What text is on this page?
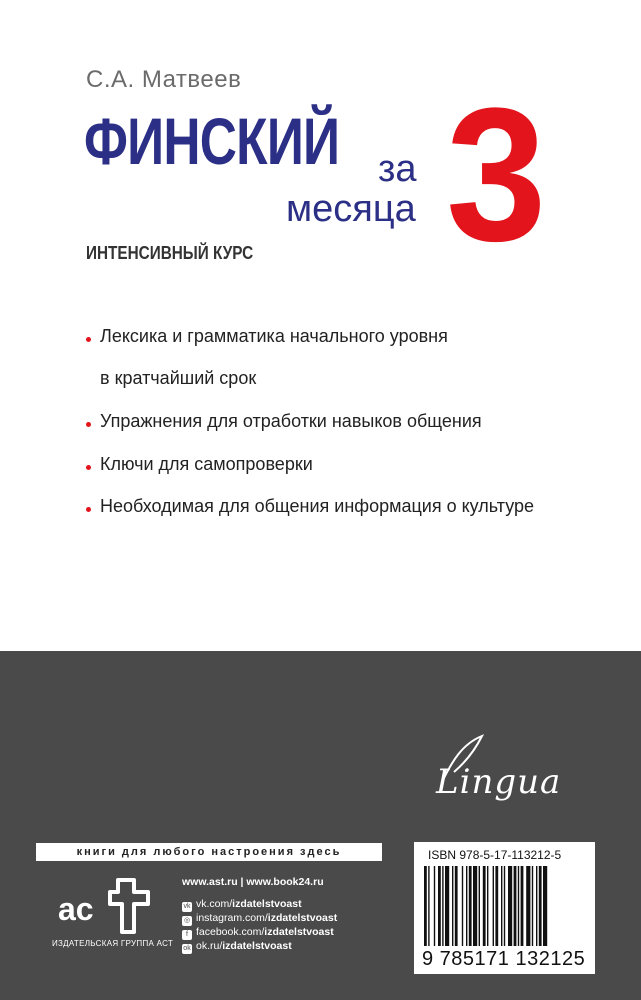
С.А. Матвеев
ФИНСКИЙ за
месяца 3
ИНТЕНСИВНЫЙ КУРС
Лексика и грамматика начального уровня
в кратчайший срок
Упражнения для отработки навыков общения
Ключи для самопроверки
Необходимая для общения информация о культуре
Lingua
книги для любого настроения здесь
ac
ИЗДАТЕЛЬСКАЯ ГРУППА АСТ
www.ast.ru | www.book24.ru
vk vk.com/izdatelstvoast
◎ instagram.com/izdatelstvoast
f facebook.com/izdatelstvoast
ok ok.ru/izdatelstvoast
ISBN 978-5-17-113212-5
9 785171 132125
